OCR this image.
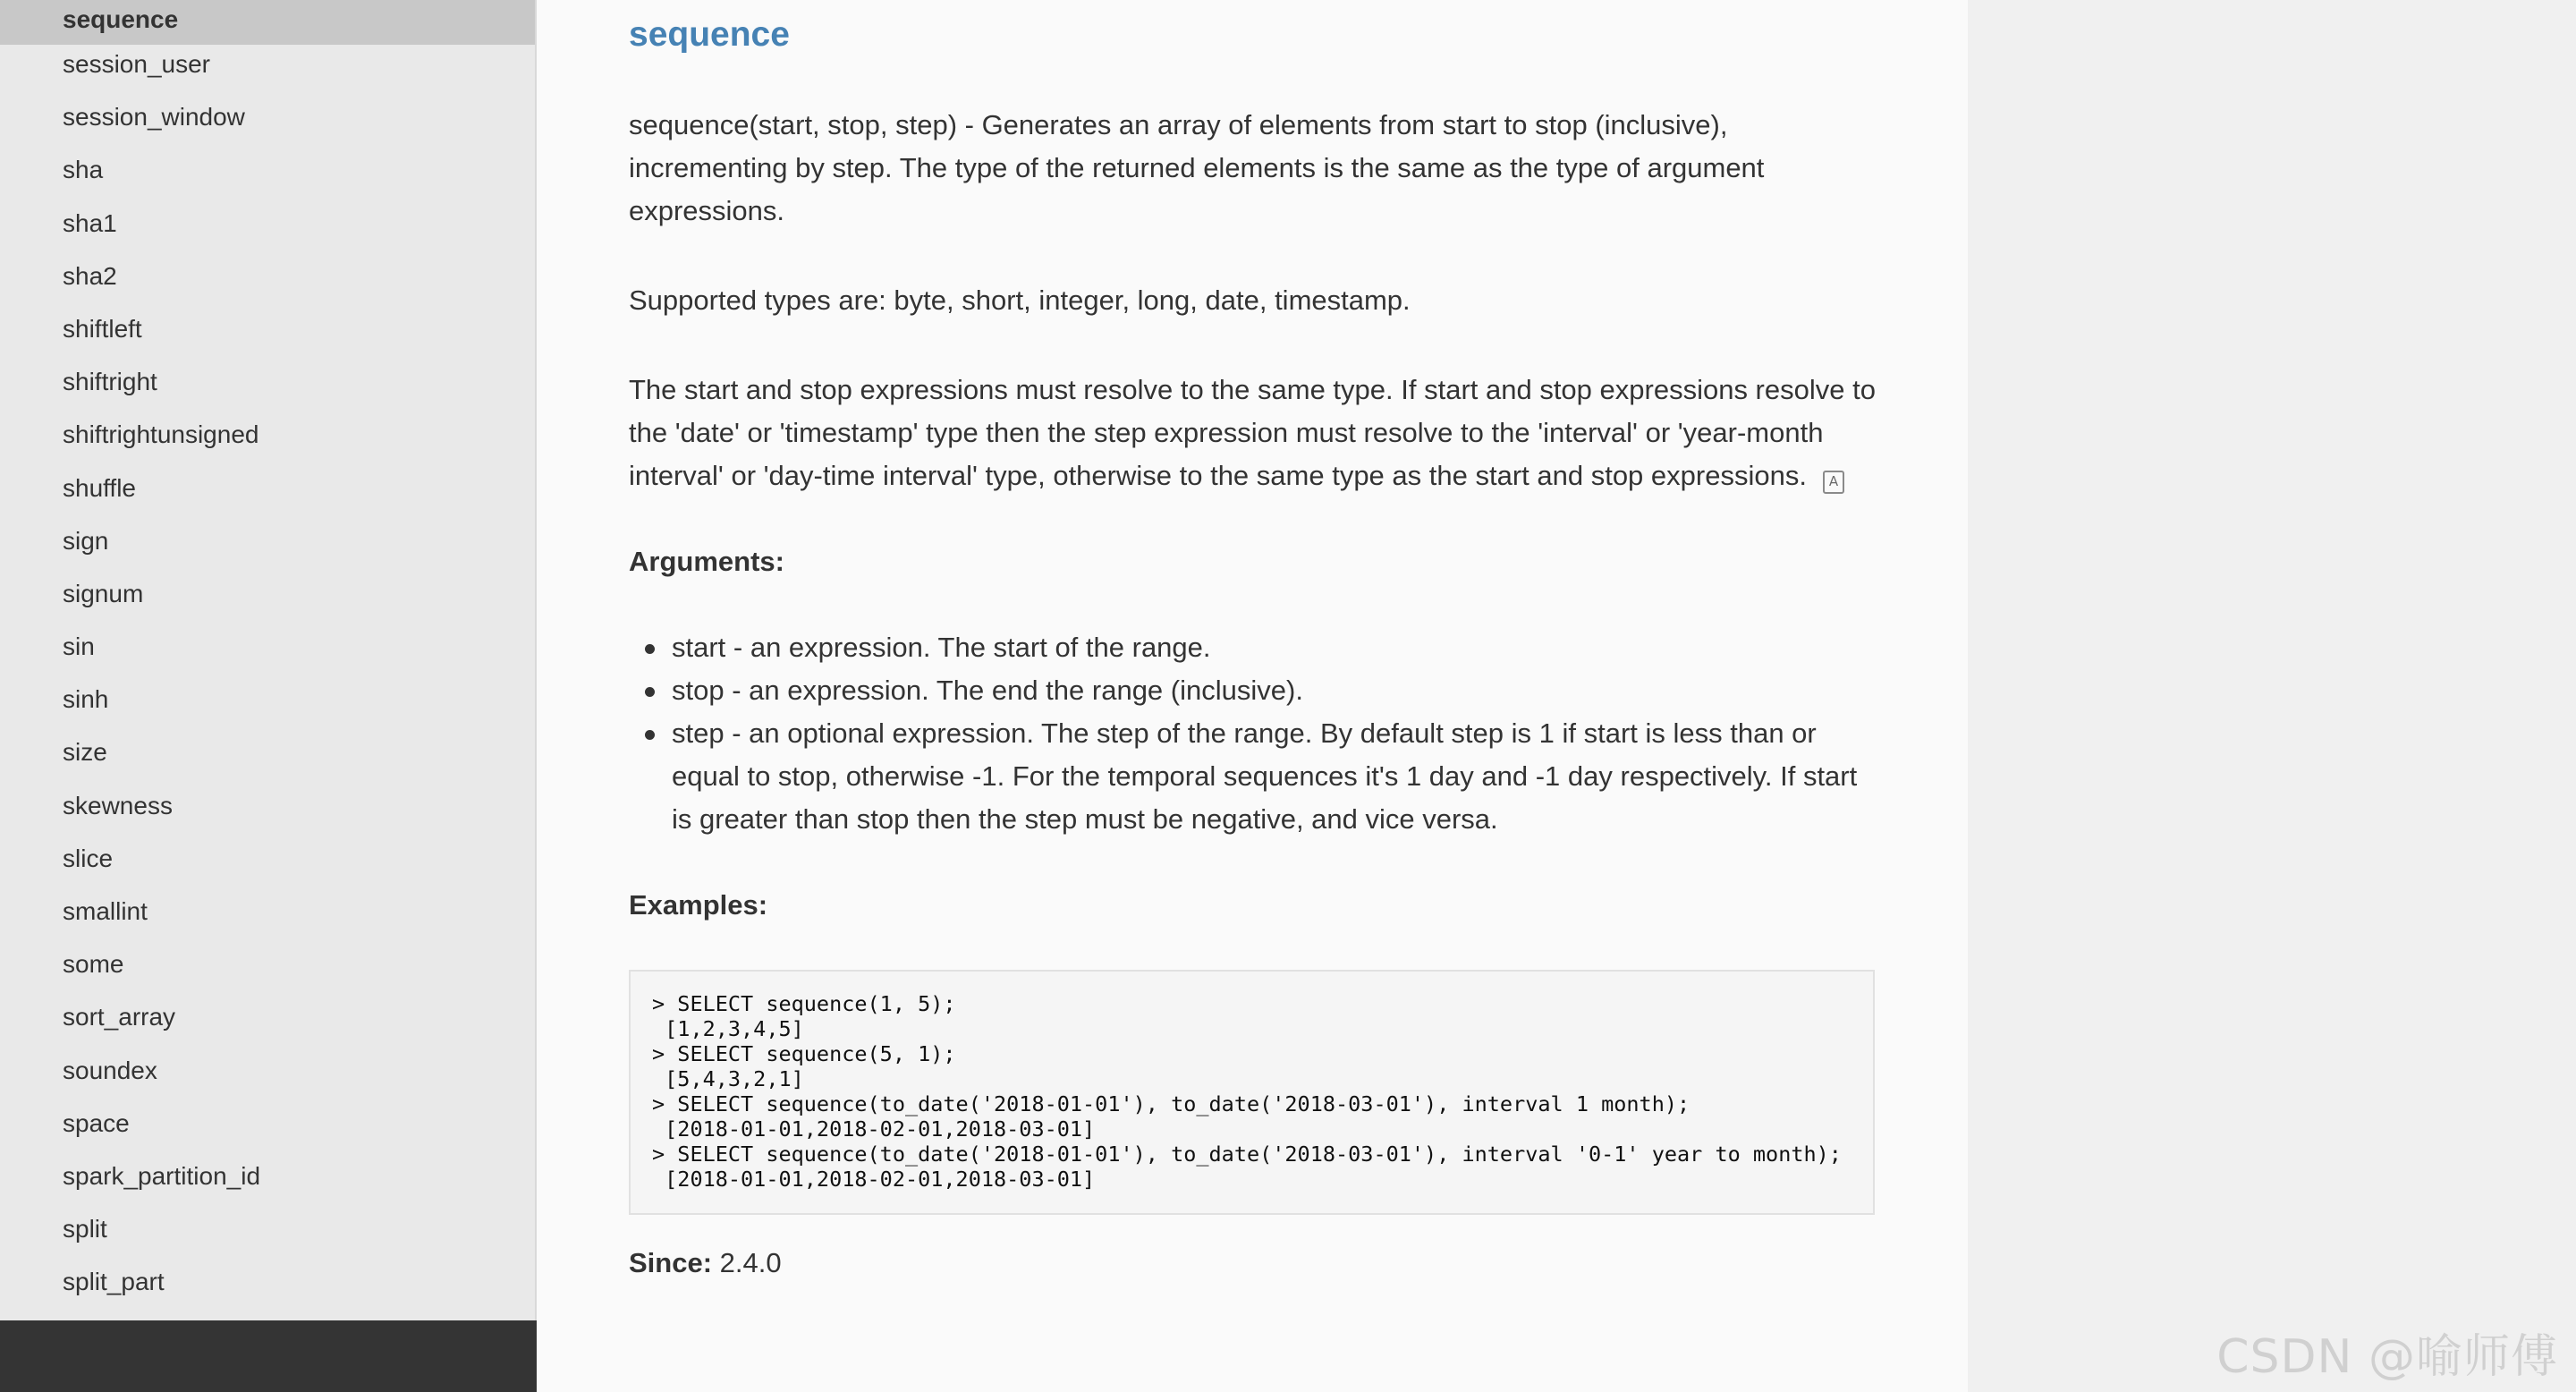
sequence
session_user
session_window
sha
sha1
sha2
shiftleft
shiftright
shiftrightunsigned
shuffle
sign
signum
sin
sinh
size
skewness
slice
smallint
some
sort_array
soundex
space
spark_partition_id
split
split_part
sequence

sequence(start, stop, step) - Generates an array of elements from start to stop (inclusive), incrementing by step. The type of the returned elements is the same as the type of argument expressions.

Supported types are: byte, short, integer, long, date, timestamp.

The start and stop expressions must resolve to the same type. If start and stop expressions resolve to the 'date' or 'timestamp' type then the step expression must resolve to the 'interval' or 'year-month interval' or 'day-time interval' type, otherwise to the same type as the start and stop expressions. A

Arguments:

start - an expression. The start of the range.
stop - an expression. The end the range (inclusive).
step - an optional expression. The step of the range. By default step is 1 if start is less than or equal to stop, otherwise -1. For the temporal sequences it's 1 day and -1 day respectively. If start is greater than stop then the step must be negative, and vice versa.

Examples:

> SELECT sequence(1, 5);
[1,2,3,4,5]
> SELECT sequence(5, 1);
[5,4,3,2,1]
> SELECT sequence(to_date('2018-01-01'), to_date('2018-03-01'), interval 1 month);
[2018-01-01,2018-02-01,2018-03-01]
> SELECT sequence(to_date('2018-01-01'), to_date('2018-03-01'), interval '0-1' year to month);
[2018-01-01,2018-02-01,2018-03-01]

Since: 2.4.0

CSDN @喻师傅
